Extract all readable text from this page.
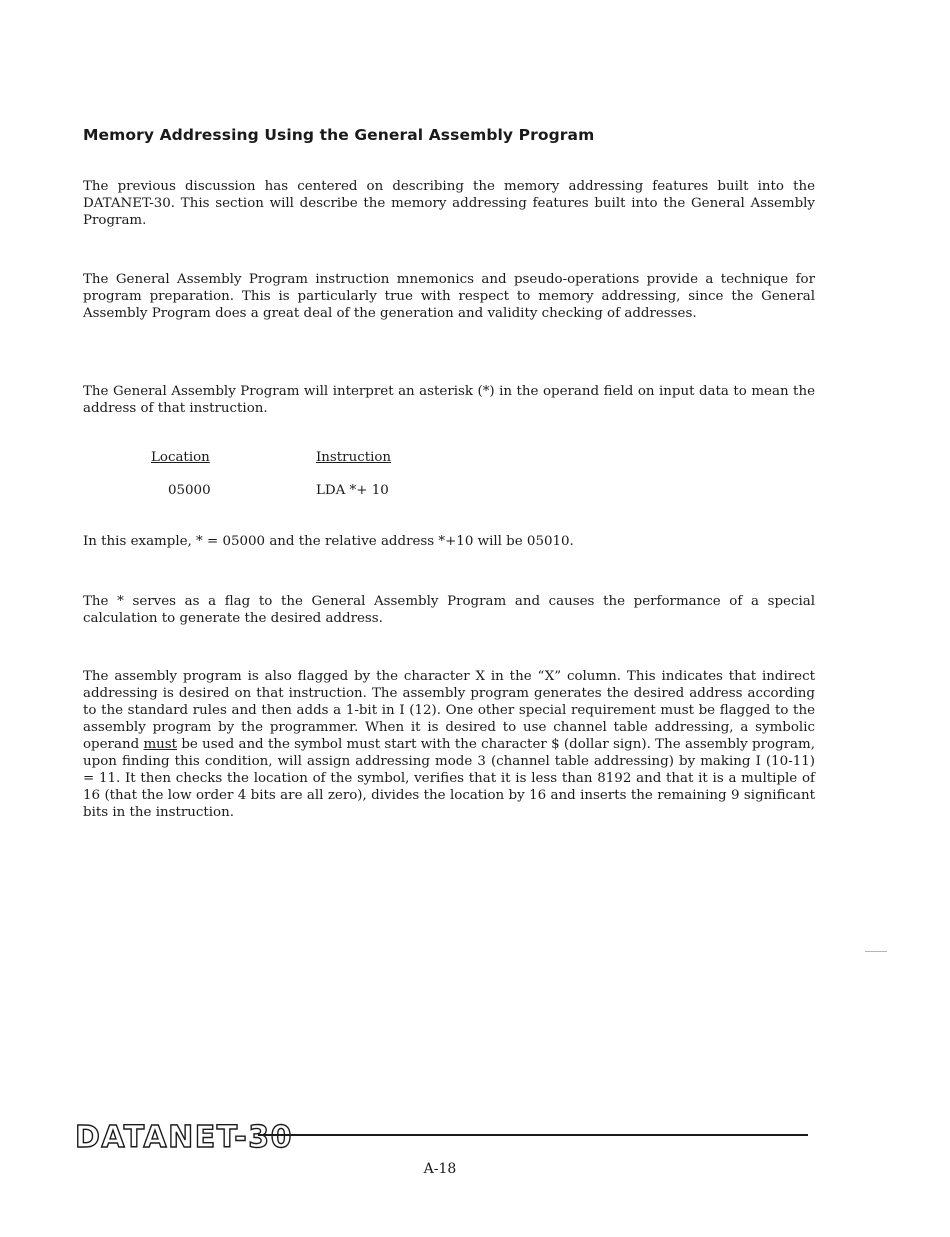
Memory Addressing Using the General Assembly Program

The previous discussion has centered on describing the memory addressing features built into the DATANET-30. This section will describe the memory addressing features built into the General Assembly Program.

The General Assembly Program instruction mnemonics and pseudo-operations provide a technique for program preparation. This is particularly true with respect to memory addressing, since the General Assembly Program does a great deal of the generation and validity checking of addresses.

The General Assembly Program will interpret an asterisk (*) in the operand field on input data to mean the address of that instruction.

Location	Instruction
05000	LDA *+ 10

In this example, * = 05000 and the relative address *+10 will be 05010.

The * serves as a flag to the General Assembly Program and causes the performance of a special calculation to generate the desired address.

The assembly program is also flagged by the character X in the “X” column. This indicates that indirect addressing is desired on that instruction. The assembly program generates the desired address according to the standard rules and then adds a 1-bit in I (12). One other special requirement must be flagged to the assembly program by the programmer. When it is desired to use channel table addressing, a symbolic operand must be used and the symbol must start with the character $ (dollar sign). The assembly program, upon finding this condition, will assign addressing mode 3 (channel table addressing) by making I (10-11) = 11. It then checks the location of the symbol, verifies that it is less than 8192 and that it is a multiple of 16 (that the low order 4 bits are all zero), divides the location by 16 and inserts the remaining 9 significant bits in the instruction.

DATANET-30
A-18
